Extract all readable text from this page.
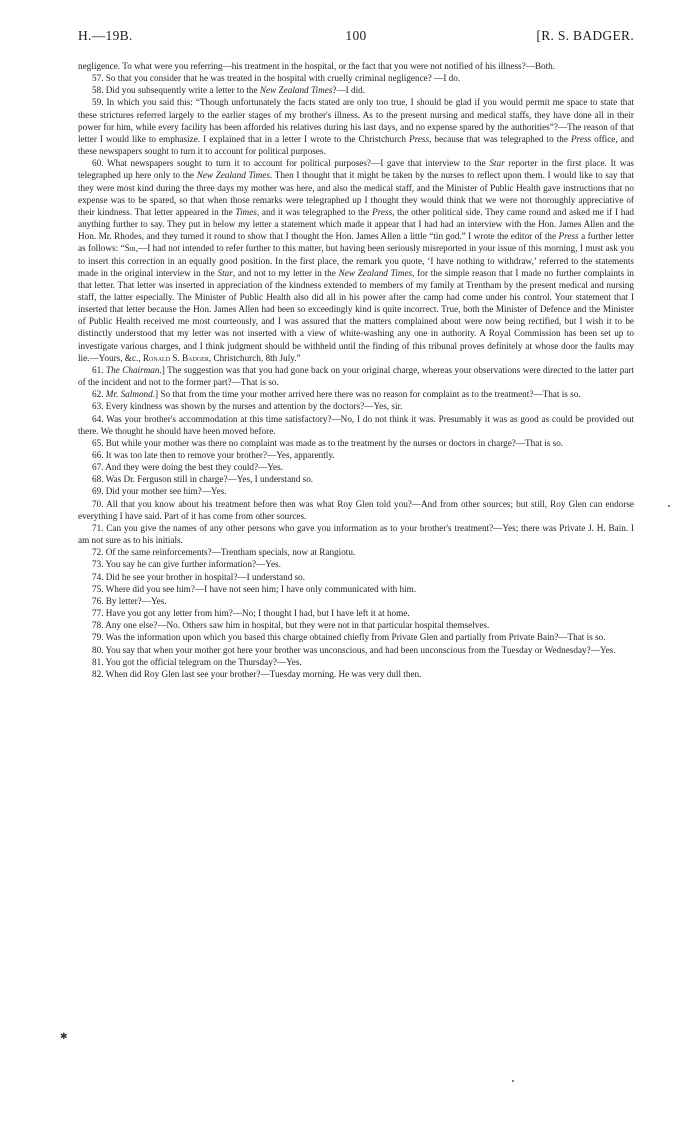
H.—19B.	100	[R. S. BADGER.

negligence. To what were you referring—his treatment in the hospital, or the fact that you were not notified of his illness?—Both.

57. So that you consider that he was treated in the hospital with cruelly criminal negligence? —I do.

58. Did you subsequently write a letter to the New Zealand Times?—I did.

59. In which you said this: “Though unfortunately the facts stated are only too true, I should be glad if you would permit me space to state that these strictures referred largely to the earlier stages of my brother's illness. As to the present nursing and medical staffs, they have done all in their power for him, while every facility has been afforded his relatives during his last days, and no expense spared by the authorities”?—The reason of that letter I would like to emphasize. I explained that in a letter I wrote to the Christchurch Press, because that was telegraphed to the Press office, and these newspapers sought to turn it to account for political purposes.

60. What newspapers sought to turn it to account for political purposes?—I gave that interview to the Star reporter in the first place. It was telegraphed up here only to the New Zealand Times. Then I thought that it might be taken by the nurses to reflect upon them. I would like to say that they were most kind during the three days my mother was here, and also the medical staff, and the Minister of Public Health gave instructions that no expense was to be spared, so that when those remarks were telegraphed up I thought they would think that we were not thoroughly appreciative of their kindness. That letter appeared in the Times, and it was telegraphed to the Press, the other political side. They came round and asked me if I had anything further to say. They put in below my letter a statement which made it appear that I had had an interview with the Hon. James Allen and the Hon. Mr. Rhodes, and they turned it round to show that I thought the Hon. James Allen a little “tin god.” I wrote the editor of the Press a further letter as follows: “Sir,—I had not intended to refer further to this matter, but having been seriously misreported in your issue of this morning, I must ask you to insert this correction in an equally good position. In the first place, the remark you quote, ‘I have nothing to withdraw,’ referred to the statements made in the original interview in the Star, and not to my letter in the New Zealand Times, for the simple reason that I made no further complaints in that letter. That letter was inserted in appreciation of the kindness extended to members of my family at Trentham by the present medical and nursing staff, the latter especially. The Minister of Public Health also did all in his power after the camp had come under his control. Your statement that I inserted that letter because the Hon. James Allen had been so exceedingly kind is quite incorrect. True, both the Minister of Defence and the Minister of Public Health received me most courteously, and I was assured that the matters complained about were now being rectified, but I wish it to be distinctly understood that my letter was not inserted with a view of white-washing any one in authority. A Royal Commission has been set up to investigate various charges, and I think judgment should be withheld until the finding of this tribunal proves definitely at whose door the faults may lie.—Yours, &c., Ronald S. Badger, Christchurch, 8th July.”

61. The Chairman.] The suggestion was that you had gone back on your original charge, whereas your observations were directed to the latter part of the incident and not to the former part?—That is so.

62. Mr. Salmond.] So that from the time your mother arrived here there was no reason for complaint as to the treatment?—That is so.

63. Every kindness was shown by the nurses and attention by the doctors?—Yes, sir.

64. Was your brother's accommodation at this time satisfactory?—No, I do not think it was. Presumably it was as good as could be provided out there. We thought he should have been moved before.

65. But while your mother was there no complaint was made as to the treatment by the nurses or doctors in charge?—That is so.

66. It was too late then to remove your brother?—Yes, apparently.

67. And they were doing the best they could?—Yes.

68. Was Dr. Ferguson still in charge?—Yes, I understand so.

69. Did your mother see him?—Yes.

70. All that you know about his treatment before then was what Roy Glen told you?—And from other sources; but still, Roy Glen can endorse everything I have said. Part of it has come from other sources.

71. Can you give the names of any other persons who gave you information as to your brother's treatment?—Yes; there was Private J. H. Bain. I am not sure as to his initials.

72. Of the same reinforcements?—Trentham specials, now at Rangiotu.

73. You say he can give further information?—Yes.

74. Did he see your brother in hospital?—I understand so.

75. Where did you see him?—I have not seen him; I have only communicated with him.

76. By letter?—Yes.

77. Have you got any letter from him?—No; I thought I had, but I have left it at home.

78. Any one else?—No. Others saw him in hospital, but they were not in that particular hospital themselves.

79. Was the information upon which you based this charge obtained chiefly from Private Glen and partially from Private Bain?—That is so.

80. You say that when your mother got here your brother was unconscious, and had been unconscious from the Tuesday or Wednesday?—Yes.

81. You got the official telegram on the Thursday?—Yes.

82. When did Roy Glen last see your brother?—Tuesday morning. He was very dull then.

✱
